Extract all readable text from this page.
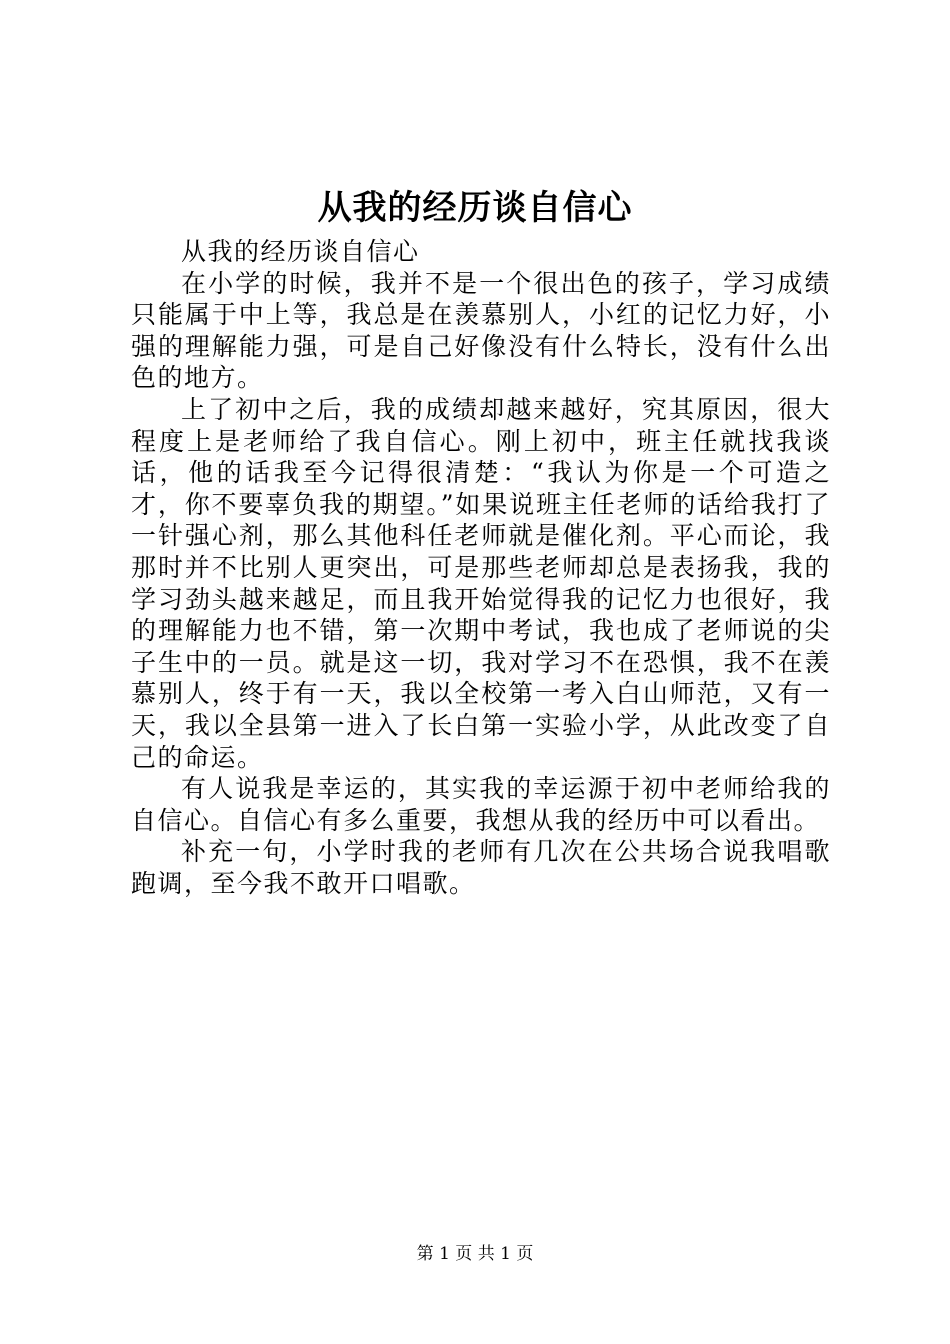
从我的经历谈自信心

从我的经历谈自信心

在小学的时候，我并不是一个很出色的孩子，学习成绩只能属于中上等，我总是在羡慕别人，小红的记忆力好，小强的理解能力强，可是自己好像没有什么特长，没有什么出色的地方。

上了初中之后，我的成绩却越来越好，究其原因，很大程度上是老师给了我自信心。刚上初中，班主任就找我谈话，他的话我至今记得很清楚：“我认为你是一个可造之才，你不要辜负我的期望。”如果说班主任老师的话给我打了一针强心剂，那么其他科任老师就是催化剂。平心而论，我那时并不比别人更突出，可是那些老师却总是表扬我，我的学习劲头越来越足，而且我开始觉得我的记忆力也很好，我的理解能力也不错，第一次期中考试，我也成了老师说的尖子生中的一员。就是这一切，我对学习不在恐惧，我不在羡慕别人，终于有一天，我以全校第一考入白山师范，又有一天，我以全县第一进入了长白第一实验小学，从此改变了自己的命运。

有人说我是幸运的，其实我的幸运源于初中老师给我的自信心。自信心有多么重要，我想从我的经历中可以看出。

补充一句，小学时我的老师有几次在公共场合说我唱歌跑调，至今我不敢开口唱歌。

第 1 页 共 1 页
